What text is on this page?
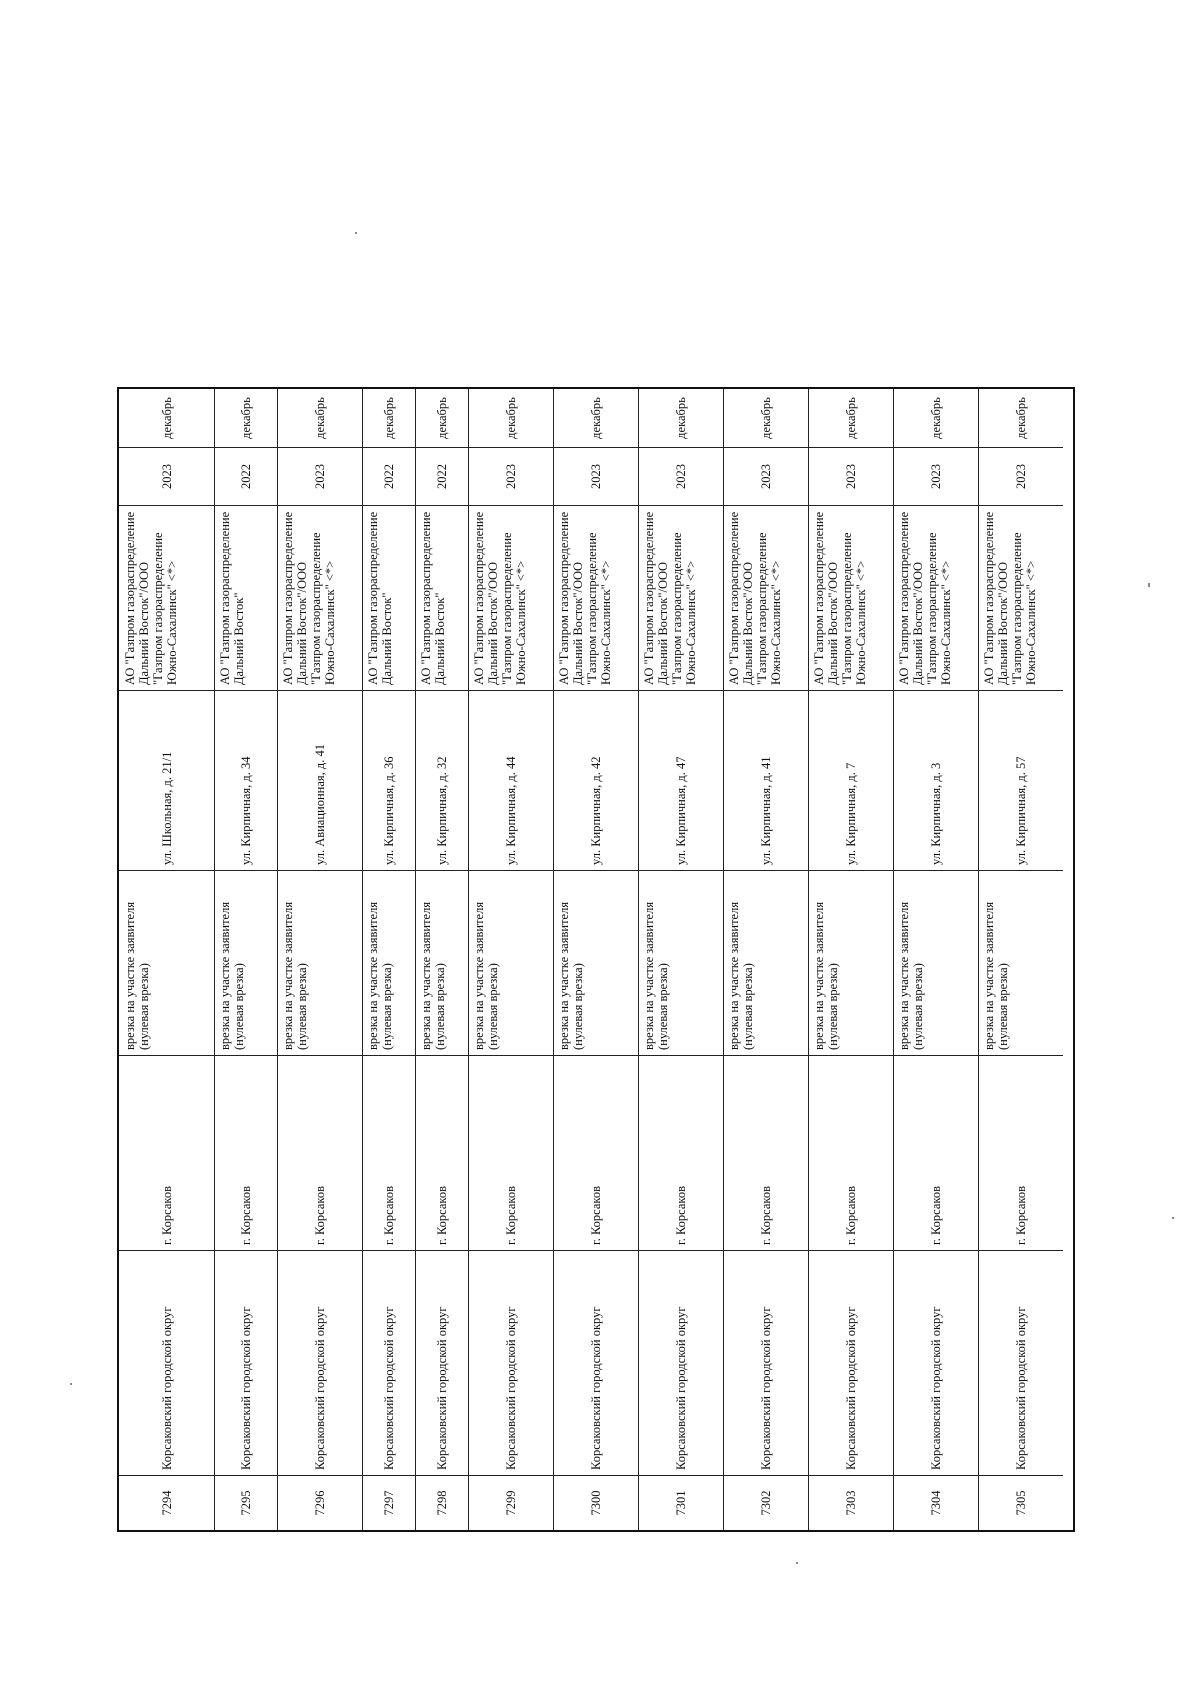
7294
Корсаковский городской округ
г. Корсаков
врезка на участке заявителя (нулевая врезка)
ул. Школьная, д. 21/1
АО "Газпром газораспределение Дальний Восток"/ООО "Газпром газораспределение Южно-Сахалинск" <*>
2023
декабрь
7295
Корсаковский городской округ
г. Корсаков
врезка на участке заявителя (нулевая врезка)
ул. Кирпичная, д. 34
АО "Газпром газораспределение Дальний Восток"
2022
декабрь
7296
Корсаковский городской округ
г. Корсаков
врезка на участке заявителя (нулевая врезка)
ул. Авиационная, д. 41
АО "Газпром газораспределение Дальний Восток"/ООО "Газпром газораспределение Южно-Сахалинск" <*>
2023
декабрь
7297
Корсаковский городской округ
г. Корсаков
врезка на участке заявителя (нулевая врезка)
ул. Кирпичная, д. 36
АО "Газпром газораспределение Дальний Восток"
2022
декабрь
7298
Корсаковский городской округ
г. Корсаков
врезка на участке заявителя (нулевая врезка)
ул. Кирпичная, д. 32
АО "Газпром газораспределение Дальний Восток"
2022
декабрь
7299
Корсаковский городской округ
г. Корсаков
врезка на участке заявителя (нулевая врезка)
ул. Кирпичная, д. 44
АО "Газпром газораспределение Дальний Восток"/ООО "Газпром газораспределение Южно-Сахалинск" <*>
2023
декабрь
7300
Корсаковский городской округ
г. Корсаков
врезка на участке заявителя (нулевая врезка)
ул. Кирпичная, д. 42
АО "Газпром газораспределение Дальний Восток"/ООО "Газпром газораспределение Южно-Сахалинск" <*>
2023
декабрь
7301
Корсаковский городской округ
г. Корсаков
врезка на участке заявителя (нулевая врезка)
ул. Кирпичная, д. 47
АО "Газпром газораспределение Дальний Восток"/ООО "Газпром газораспределение Южно-Сахалинск" <*>
2023
декабрь
7302
Корсаковский городской округ
г. Корсаков
врезка на участке заявителя (нулевая врезка)
ул. Кирпичная, д. 41
АО "Газпром газораспределение Дальний Восток"/ООО "Газпром газораспределение Южно-Сахалинск" <*>
2023
декабрь
7303
Корсаковский городской округ
г. Корсаков
врезка на участке заявителя (нулевая врезка)
ул. Кирпичная, д. 7
АО "Газпром газораспределение Дальний Восток"/ООО "Газпром газораспределение Южно-Сахалинск" <*>
2023
декабрь
7304
Корсаковский городской округ
г. Корсаков
врезка на участке заявителя (нулевая врезка)
ул. Кирпичная, д. 3
АО "Газпром газораспределение Дальний Восток"/ООО "Газпром газораспределение Южно-Сахалинск" <*>
2023
декабрь
7305
Корсаковский городской округ
г. Корсаков
врезка на участке заявителя (нулевая врезка)
ул. Кирпичная, д. 57
АО "Газпром газораспределение Дальний Восток"/ООО "Газпром газораспределение Южно-Сахалинск" <*>
2023
декабрь
